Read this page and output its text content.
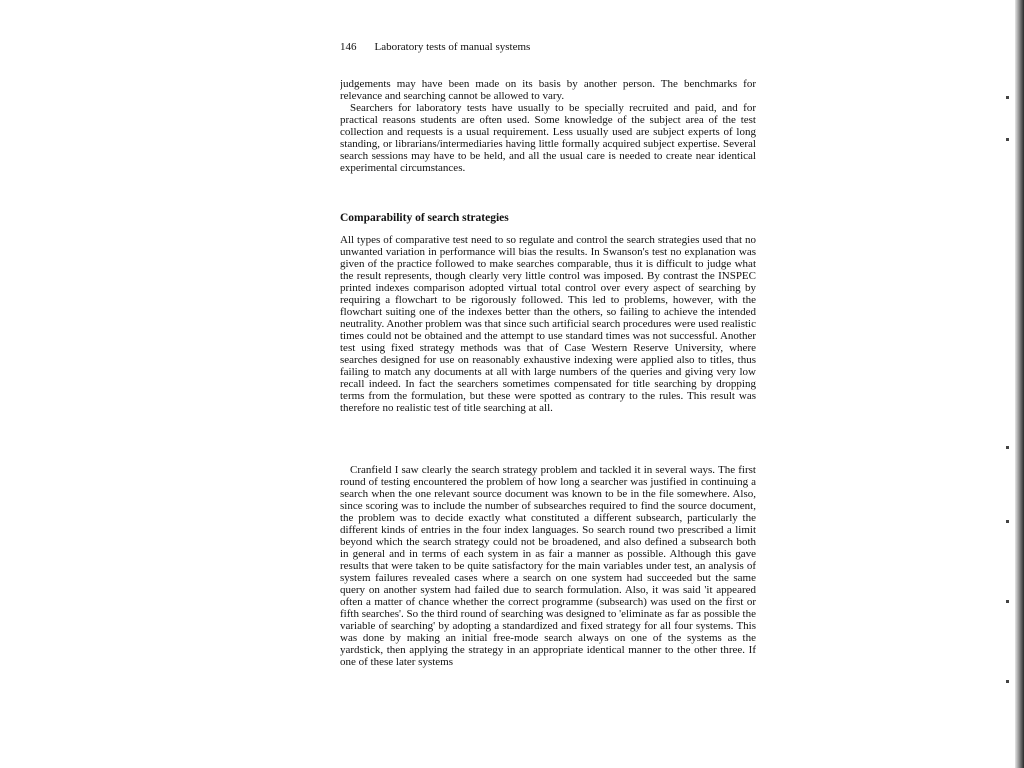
146 Laboratory tests of manual systems

judgements may have been made on its basis by another person. The benchmarks for relevance and searching cannot be allowed to vary.

Searchers for laboratory tests have usually to be specially recruited and paid, and for practical reasons students are often used. Some knowledge of the subject area of the test collection and requests is a usual requirement. Less usually used are subject experts of long standing, or librarians/intermediaries having little formally acquired subject expertise. Several search sessions may have to be held, and all the usual care is needed to create near identical experimental circumstances.

Comparability of search strategies

All types of comparative test need to so regulate and control the search strategies used that no unwanted variation in performance will bias the results. In Swanson's test no explanation was given of the practice followed to make searches comparable, thus it is difficult to judge what the result represents, though clearly very little control was imposed. By contrast the INSPEC printed indexes comparison adopted virtual total control over every aspect of searching by requiring a flowchart to be rigorously followed. This led to problems, however, with the flowchart suiting one of the indexes better than the others, so failing to achieve the intended neutrality. Another problem was that since such artificial search procedures were used realistic times could not be obtained and the attempt to use standard times was not successful. Another test using fixed strategy methods was that of Case Western Reserve University, where searches designed for use on reasonably exhaustive indexing were applied also to titles, thus failing to match any documents at all with large numbers of the queries and giving very low recall indeed. In fact the searchers sometimes compensated for title searching by dropping terms from the formulation, but these were spotted as contrary to the rules. This result was therefore no realistic test of title searching at all.

Cranfield I saw clearly the search strategy problem and tackled it in several ways. The first round of testing encountered the problem of how long a searcher was justified in continuing a search when the one relevant source document was known to be in the file somewhere. Also, since scoring was to include the number of subsearches required to find the source document, the problem was to decide exactly what constituted a different subsearch, particularly the different kinds of entries in the four index languages. So search round two prescribed a limit beyond which the search strategy could not be broadened, and also defined a subsearch both in general and in terms of each system in as fair a manner as possible. Although this gave results that were taken to be quite satisfactory for the main variables under test, an analysis of system failures revealed cases where a search on one system had succeeded but the same query on another system had failed due to search formulation. Also, it was said 'it appeared often a matter of chance whether the correct programme (subsearch) was used on the first or fifth searches'. So the third round of searching was designed to 'eliminate as far as possible the variable of searching' by adopting a standardized and fixed strategy for all four systems. This was done by making an initial free-mode search always on one of the systems as the yardstick, then applying the strategy in an appropriate identical manner to the other three. If one of these later systems
